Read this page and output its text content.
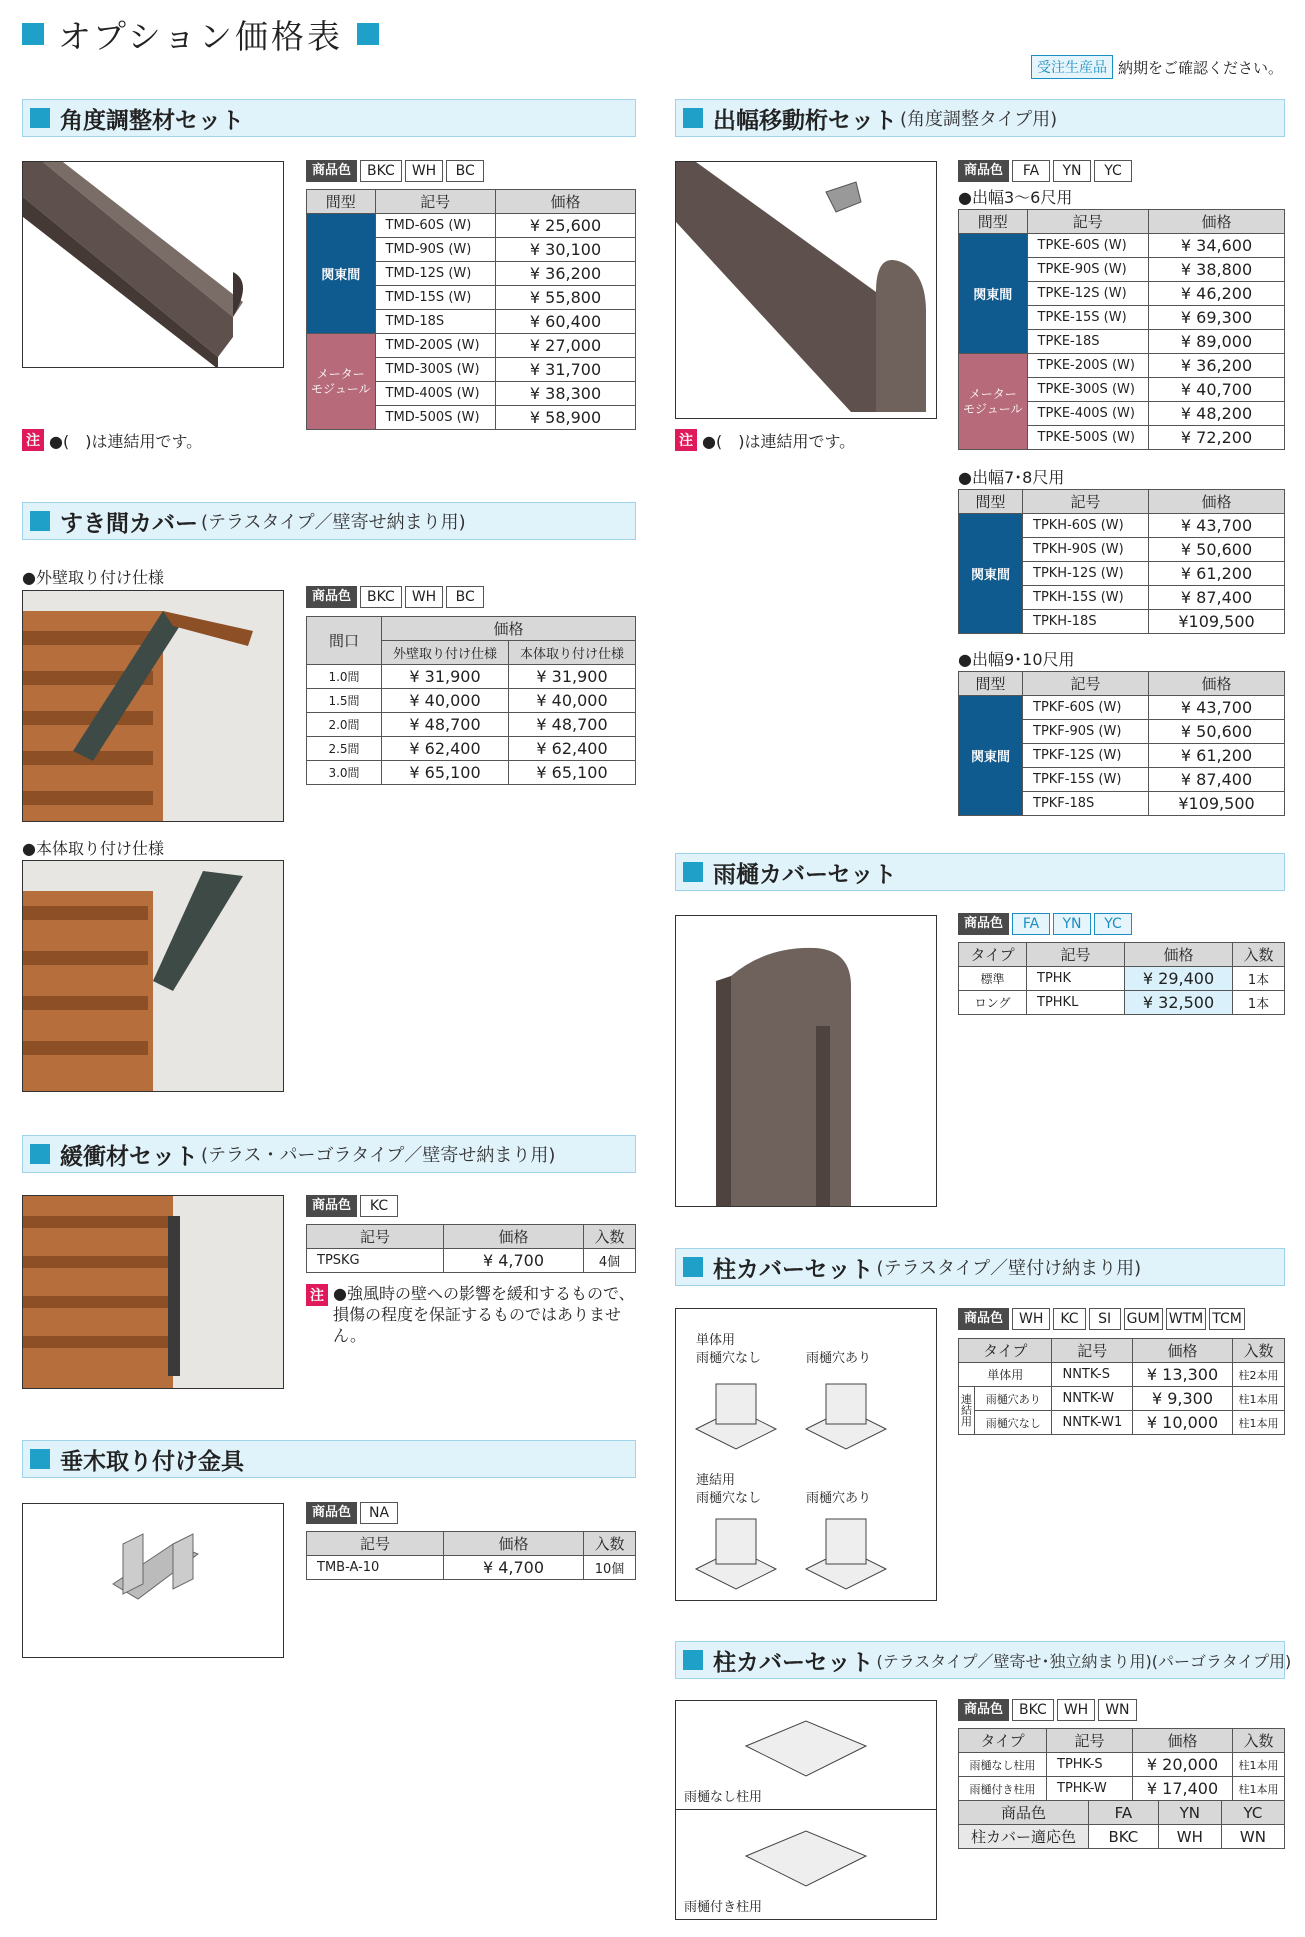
オプション価格表
受注生産品 納期をご確認ください。
角度調整材セット
商品色	BKC	WH	BC
間型	記号	価格
関東間	TMD-60S (W)	¥ 25,600
	TMD-90S (W)	¥ 30,100
	TMD-12S (W)	¥ 36,200
	TMD-15S (W)	¥ 55,800
	TMD-18S	¥ 60,400
メーター
モジュール	TMD-200S (W)	¥ 27,000
	TMD-300S (W)	¥ 31,700
	TMD-400S (W)	¥ 38,300
	TMD-500S (W)	¥ 58,900
注 ●(　)は連結用です。
すき間カバー (テラスタイプ／壁寄せ納まり用)
●外壁取り付け仕様
●本体取り付け仕様
商品色	BKC	WH	BC
間口	価格	
	外壁取り付け仕様	本体取り付け仕様
1.0間	¥ 31,900	¥ 31,900
1.5間	¥ 40,000	¥ 40,000
2.0間	¥ 48,700	¥ 48,700
2.5間	¥ 62,400	¥ 62,400
3.0間	¥ 65,100	¥ 65,100
緩衝材セット (テラス・パーゴラタイプ／壁寄せ納まり用)
商品色	KC
記号	価格	入数
TPSKG	¥ 4,700	4個
注 ●強風時の壁への影響を緩和するもので、損傷の程度を保証するものではありません。
垂木取り付け金具
商品色	NA
記号	価格	入数
TMB-A-10	¥ 4,700	10個
出幅移動桁セット (角度調整タイプ用)
注 ●(　)は連結用です。
商品色	FA	YN	YC
●出幅3～6尺用
間型	記号	価格
関東間	TPKE-60S (W)	¥ 34,600
	TPKE-90S (W)	¥ 38,800
	TPKE-12S (W)	¥ 46,200
	TPKE-15S (W)	¥ 69,300
	TPKE-18S	¥ 89,000
メーター
モジュール	TPKE-200S (W)	¥ 36,200
	TPKE-300S (W)	¥ 40,700
	TPKE-400S (W)	¥ 48,200
	TPKE-500S (W)	¥ 72,200
●出幅7･8尺用
間型	記号	価格
関東間	TPKH-60S (W)	¥ 43,700
	TPKH-90S (W)	¥ 50,600
	TPKH-12S (W)	¥ 61,200
	TPKH-15S (W)	¥ 87,400
	TPKH-18S	¥109,500
●出幅9･10尺用
間型	記号	価格
関東間	TPKF-60S (W)	¥ 43,700
	TPKF-90S (W)	¥ 50,600
	TPKF-12S (W)	¥ 61,200
	TPKF-15S (W)	¥ 87,400
	TPKF-18S	¥109,500
雨樋カバーセット
商品色	FA	YN	YC
タイプ	記号	価格	入数
標準	TPHK	¥ 29,400	1本
ロング	TPHKL	¥ 32,500	1本
柱カバーセット (テラスタイプ／壁付け納まり用)
単体用
雨樋穴なし	雨樋穴あり
連結用
雨樋穴なし	雨樋穴あり
商品色	WH	KC	SI	GUM WTM TCM
タイプ		記号	価格	入数
単体用		NNTK-S	¥ 13,300	柱2本用
連結用	雨樋穴あり	NNTK-W	¥ 9,300	柱1本用
	雨樋穴なし	NNTK-W1	¥ 10,000	柱1本用
柱カバーセット (テラスタイプ／壁寄せ･独立納まり用)(パーゴラタイプ用)
雨樋なし柱用
雨樋付き柱用
商品色	BKC	WH	WN
タイプ	記号	価格	入数
雨樋なし柱用	TPHK-S	¥ 20,000	柱1本用
雨樋付き柱用	TPHK-W	¥ 17,400	柱1本用
商品色	FA	YN	YC
柱カバー適応色	BKC	WH	WN
